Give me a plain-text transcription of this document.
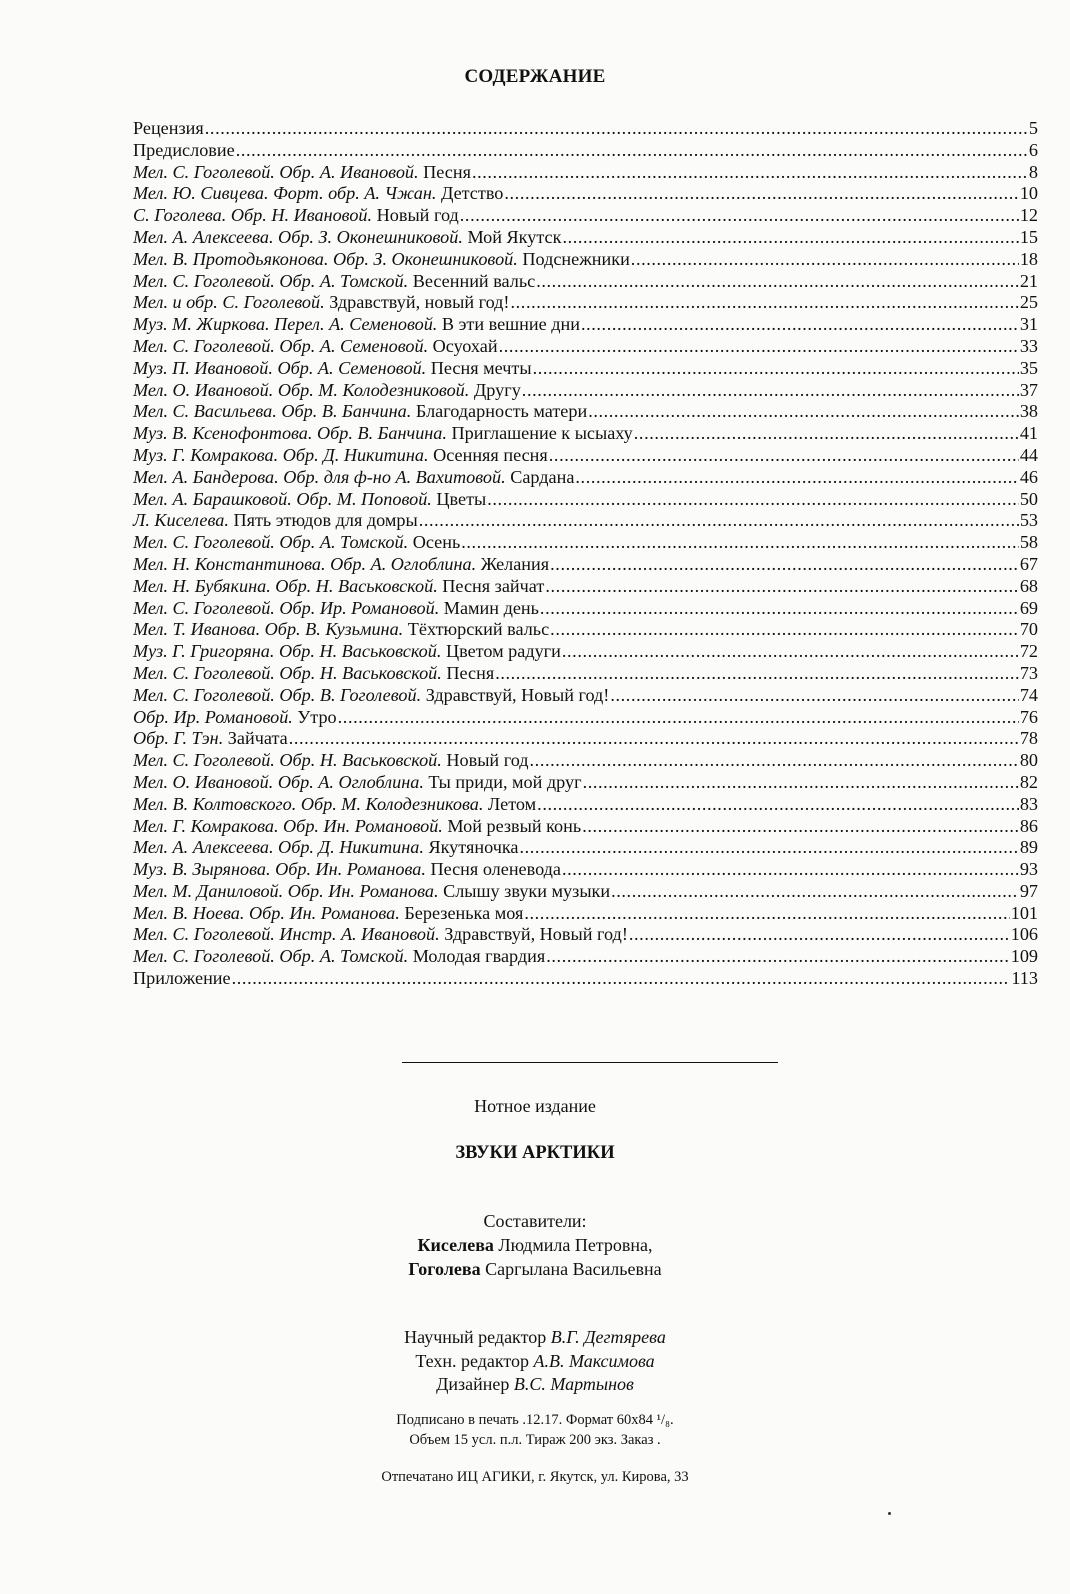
СОДЕРЖАНИЕ
Рецензия .....	5
Предисловие .....	6
Мел. С. Гоголевой. Обр. А. Ивановой. Песня .....	8
Мел. Ю. Сивцева. Форт. обр. А. Чжан. Детство .....	10
С. Гоголева. Обр. Н. Ивановой. Новый год .....	12
Мел. А. Алексеева. Обр. З. Оконешниковой. Мой Якутск .....	15
Мел. В. Протодьяконова. Обр. З. Оконешниковой. Подснежники .....	18
Мел. С. Гоголевой. Обр. А. Томской. Весенний вальс .....	21
Мел. и обр. С. Гоголевой. Здравствуй, новый год! .....	25
Муз. М. Жиркова. Перел. А. Семеновой. В эти вешние дни .....	31
Мел. С. Гоголевой. Обр. А. Семеновой. Осуохай .....	33
Муз. П. Ивановой. Обр. А. Семеновой. Песня мечты .....	35
Мел. О. Ивановой. Обр. М. Колодезниковой. Другу .....	37
Мел. С. Васильева. Обр. В. Банчина. Благодарность матери .....	38
Муз. В. Ксенофонтова. Обр. В. Банчина. Приглашение к ысыаху .....	41
Муз. Г. Комракова. Обр. Д. Никитина. Осенняя песня .....	44
Мел. А. Бандерова. Обр. для ф-но А. Вахитовой. Сардана .....	46
Мел. А. Барашковой. Обр. М. Поповой. Цветы .....	50
Л. Киселева. Пять этюдов для домры .....	53
Мел. С. Гоголевой. Обр. А. Томской. Осень .....	58
Мел. Н. Константинова. Обр. А. Оглоблина. Желания .....	67
Мел. Н. Бубякина. Обр. Н. Васьковской. Песня зайчат .....	68
Мел. С. Гоголевой. Обр. Ир. Романовой. Мамин день .....	69
Мел. Т. Иванова. Обр. В. Кузьмина. Тёхтюрский вальс .....	70
Муз. Г. Григоряна. Обр. Н. Васьковской. Цветом радуги .....	72
Мел. С. Гоголевой. Обр. Н. Васьковской. Песня .....	73
Мел. С. Гоголевой. Обр. В. Гоголевой. Здравствуй, Новый год! .....	74
Обр. Ир. Романовой. Утро .....	76
Обр. Г. Тэн. Зайчата .....	78
Мел. С. Гоголевой. Обр. Н. Васьковской. Новый год .....	80
Мел. О. Ивановой. Обр. А. Оглоблина. Ты приди, мой друг .....	82
Мел. В. Колтовского. Обр. М. Колодезникова. Летом .....	83
Мел. Г. Комракова. Обр. Ин. Романовой. Мой резвый конь .....	86
Мел. А. Алексеева. Обр. Д. Никитина. Якутяночка .....	89
Муз. В. Зырянова. Обр. Ин. Романова. Песня оленевода .....	93
Мел. М. Даниловой. Обр. Ин. Романова. Слышу звуки музыки .....	97
Мел. В. Ноева. Обр. Ин. Романова. Березенька моя .....	101
Мел. С. Гоголевой. Инстр. А. Ивановой. Здравствуй, Новый год! .....	106
Мел. С. Гоголевой. Обр. А. Томской. Молодая гвардия .....	109
Приложение .....	113
Нотное издание
ЗВУКИ АРКТИКИ
Составители:
Киселева Людмила Петровна,
Гоголева Саргылана Васильевна
Научный редактор В.Г. Дегтярева
Техн. редактор А.В. Максимова
Дизайнер В.С. Мартынов
Подписано в печать .12.17. Формат 60х84 ¹/₈.
Объем 15 усл. п.л. Тираж 200 экз. Заказ .
Отпечатано ИЦ АГИКИ, г. Якутск, ул. Кирова, 33
